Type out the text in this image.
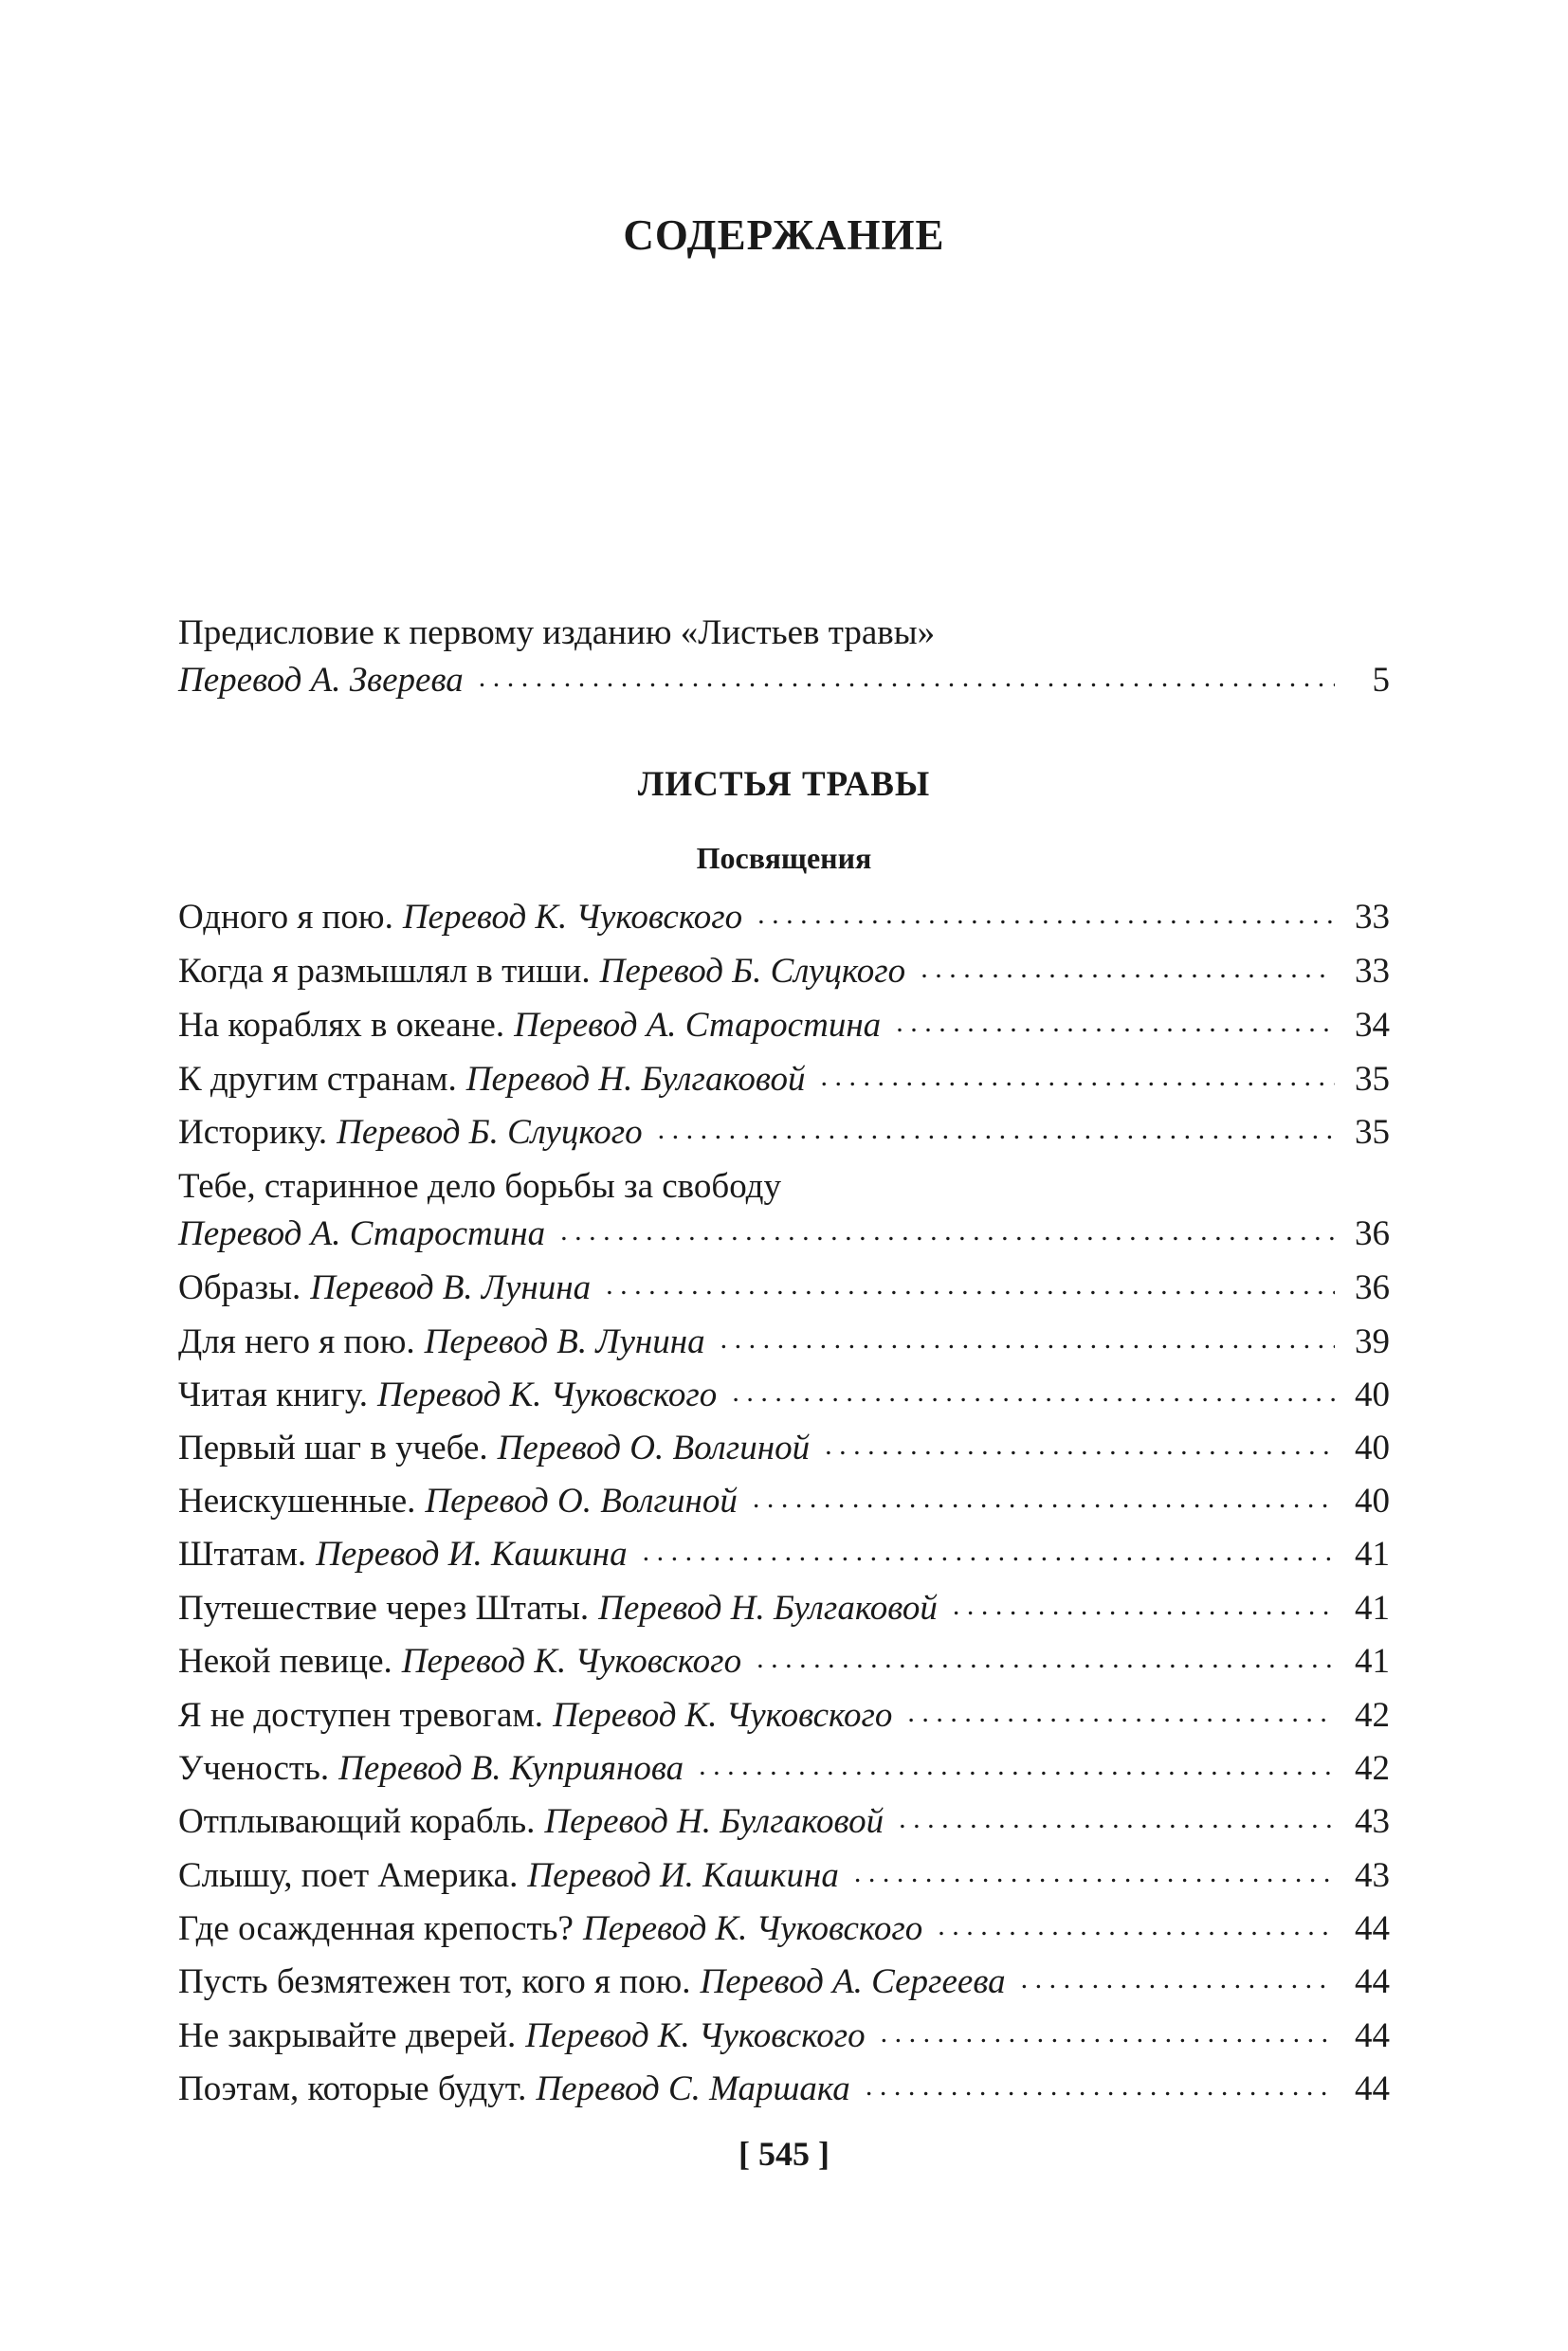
СОДЕРЖАНИЕ
Предисловие к первому изданию «Листьев травы»
Перевод А. Зверева . . .	5
ЛИСТЬЯ ТРАВЫ
Посвящения
Одного я пою. Перевод К. Чуковского . . .	33
Когда я размышлял в тиши. Перевод Б. Слуцкого . . .	33
На кораблях в океане. Перевод А. Старостина . . .	34
К другим странам. Перевод Н. Булгаковой . . .	35
Историку. Перевод Б. Слуцкого . . .	35
Тебе, старинное дело борьбы за свободу
Перевод А. Старостина . . .	36
Образы. Перевод В. Лунина . . .	36
Для него я пою. Перевод В. Лунина . . .	39
Читая книгу. Перевод К. Чуковского . . .	40
Первый шаг в учебе. Перевод О. Волгиной . . .	40
Неискушенные. Перевод О. Волгиной . . .	40
Штатам. Перевод И. Кашкина . . .	41
Путешествие через Штаты. Перевод Н. Булгаковой . . .	41
Некой певице. Перевод К. Чуковского . . .	41
Я не доступен тревогам. Перевод К. Чуковского . . .	42
Ученость. Перевод В. Куприянова . . .	42
Отплывающий корабль. Перевод Н. Булгаковой . . .	43
Слышу, поет Америка. Перевод И. Кашкина . . .	43
Где осажденная крепость? Перевод К. Чуковского . . .	44
Пусть безмятежен тот, кого я пою. Перевод А. Сергеева . . .	44
Не закрывайте дверей. Перевод К. Чуковского . . .	44
Поэтам, которые будут. Перевод С. Маршака . . .	44
[ 545 ]
